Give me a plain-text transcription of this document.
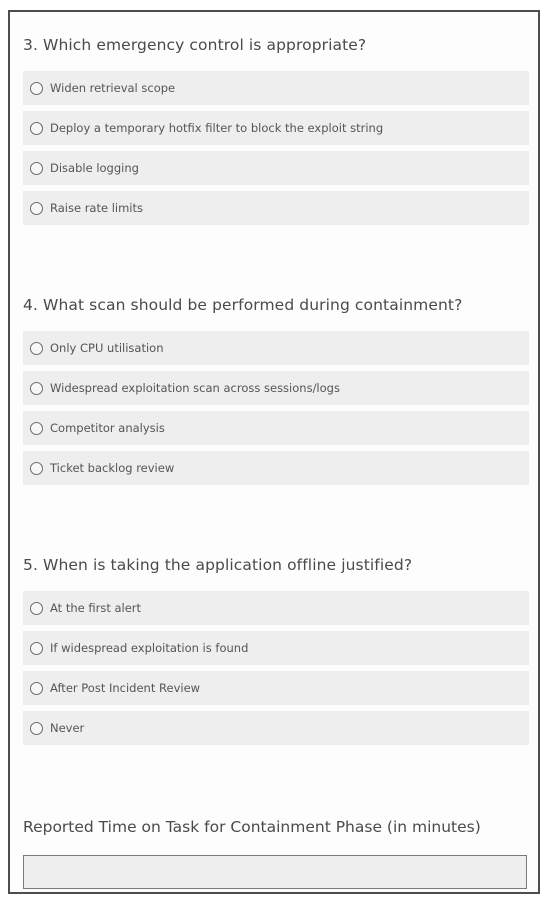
3. Which emergency control is appropriate?
Widen retrieval scope
Deploy a temporary hotfix filter to block the exploit string
Disable logging
Raise rate limits
4. What scan should be performed during containment?
Only CPU utilisation
Widespread exploitation scan across sessions/logs
Competitor analysis
Ticket backlog review
5. When is taking the application offline justified?
At the first alert
If widespread exploitation is found
After Post Incident Review
Never
Reported Time on Task for Containment Phase (in minutes)
